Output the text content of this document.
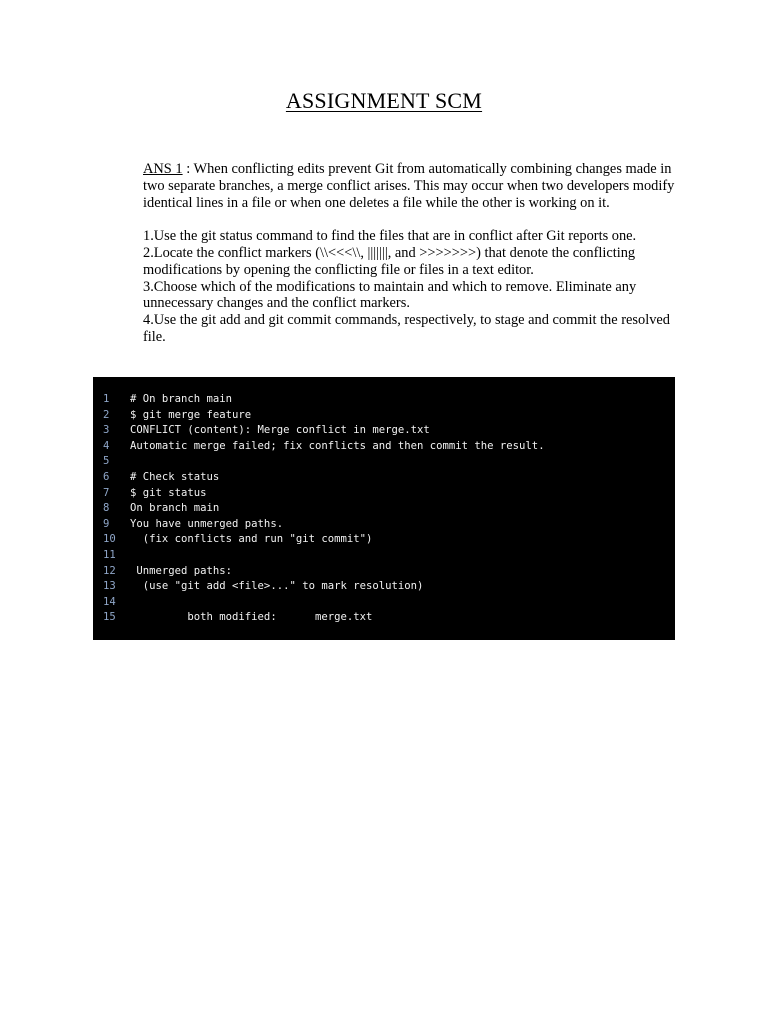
ASSIGNMENT SCM

ANS 1 : When conflicting edits prevent Git from automatically combining changes made in two separate branches, a merge conflict arises. This may occur when two developers modify identical lines in a file or when one deletes a file while the other is working on it.

1.Use the git status command to find the files that are in conflict after Git reports one.

2.Locate the conflict markers (\\<<<\\, |||||||, and >>>>>>>) that denote the conflicting modifications by opening the conflicting file or files in a text editor.

3.Choose which of the modifications to maintain and which to remove. Eliminate any unnecessary changes and the conflict markers.

4.Use the git add and git commit commands, respectively, to stage and commit the resolved file.

1	# On branch main
2	$ git merge feature
3	CONFLICT (content): Merge conflict in merge.txt
4	Automatic merge failed; fix conflicts and then commit the result.
5
6	# Check status
7	$ git status
8	On branch main
9	You have unmerged paths.
10	(fix conflicts and run "git commit")
11
12	Unmerged paths:
13	(use "git add <file>..." to mark resolution)
14
15	both modified:      merge.txt
